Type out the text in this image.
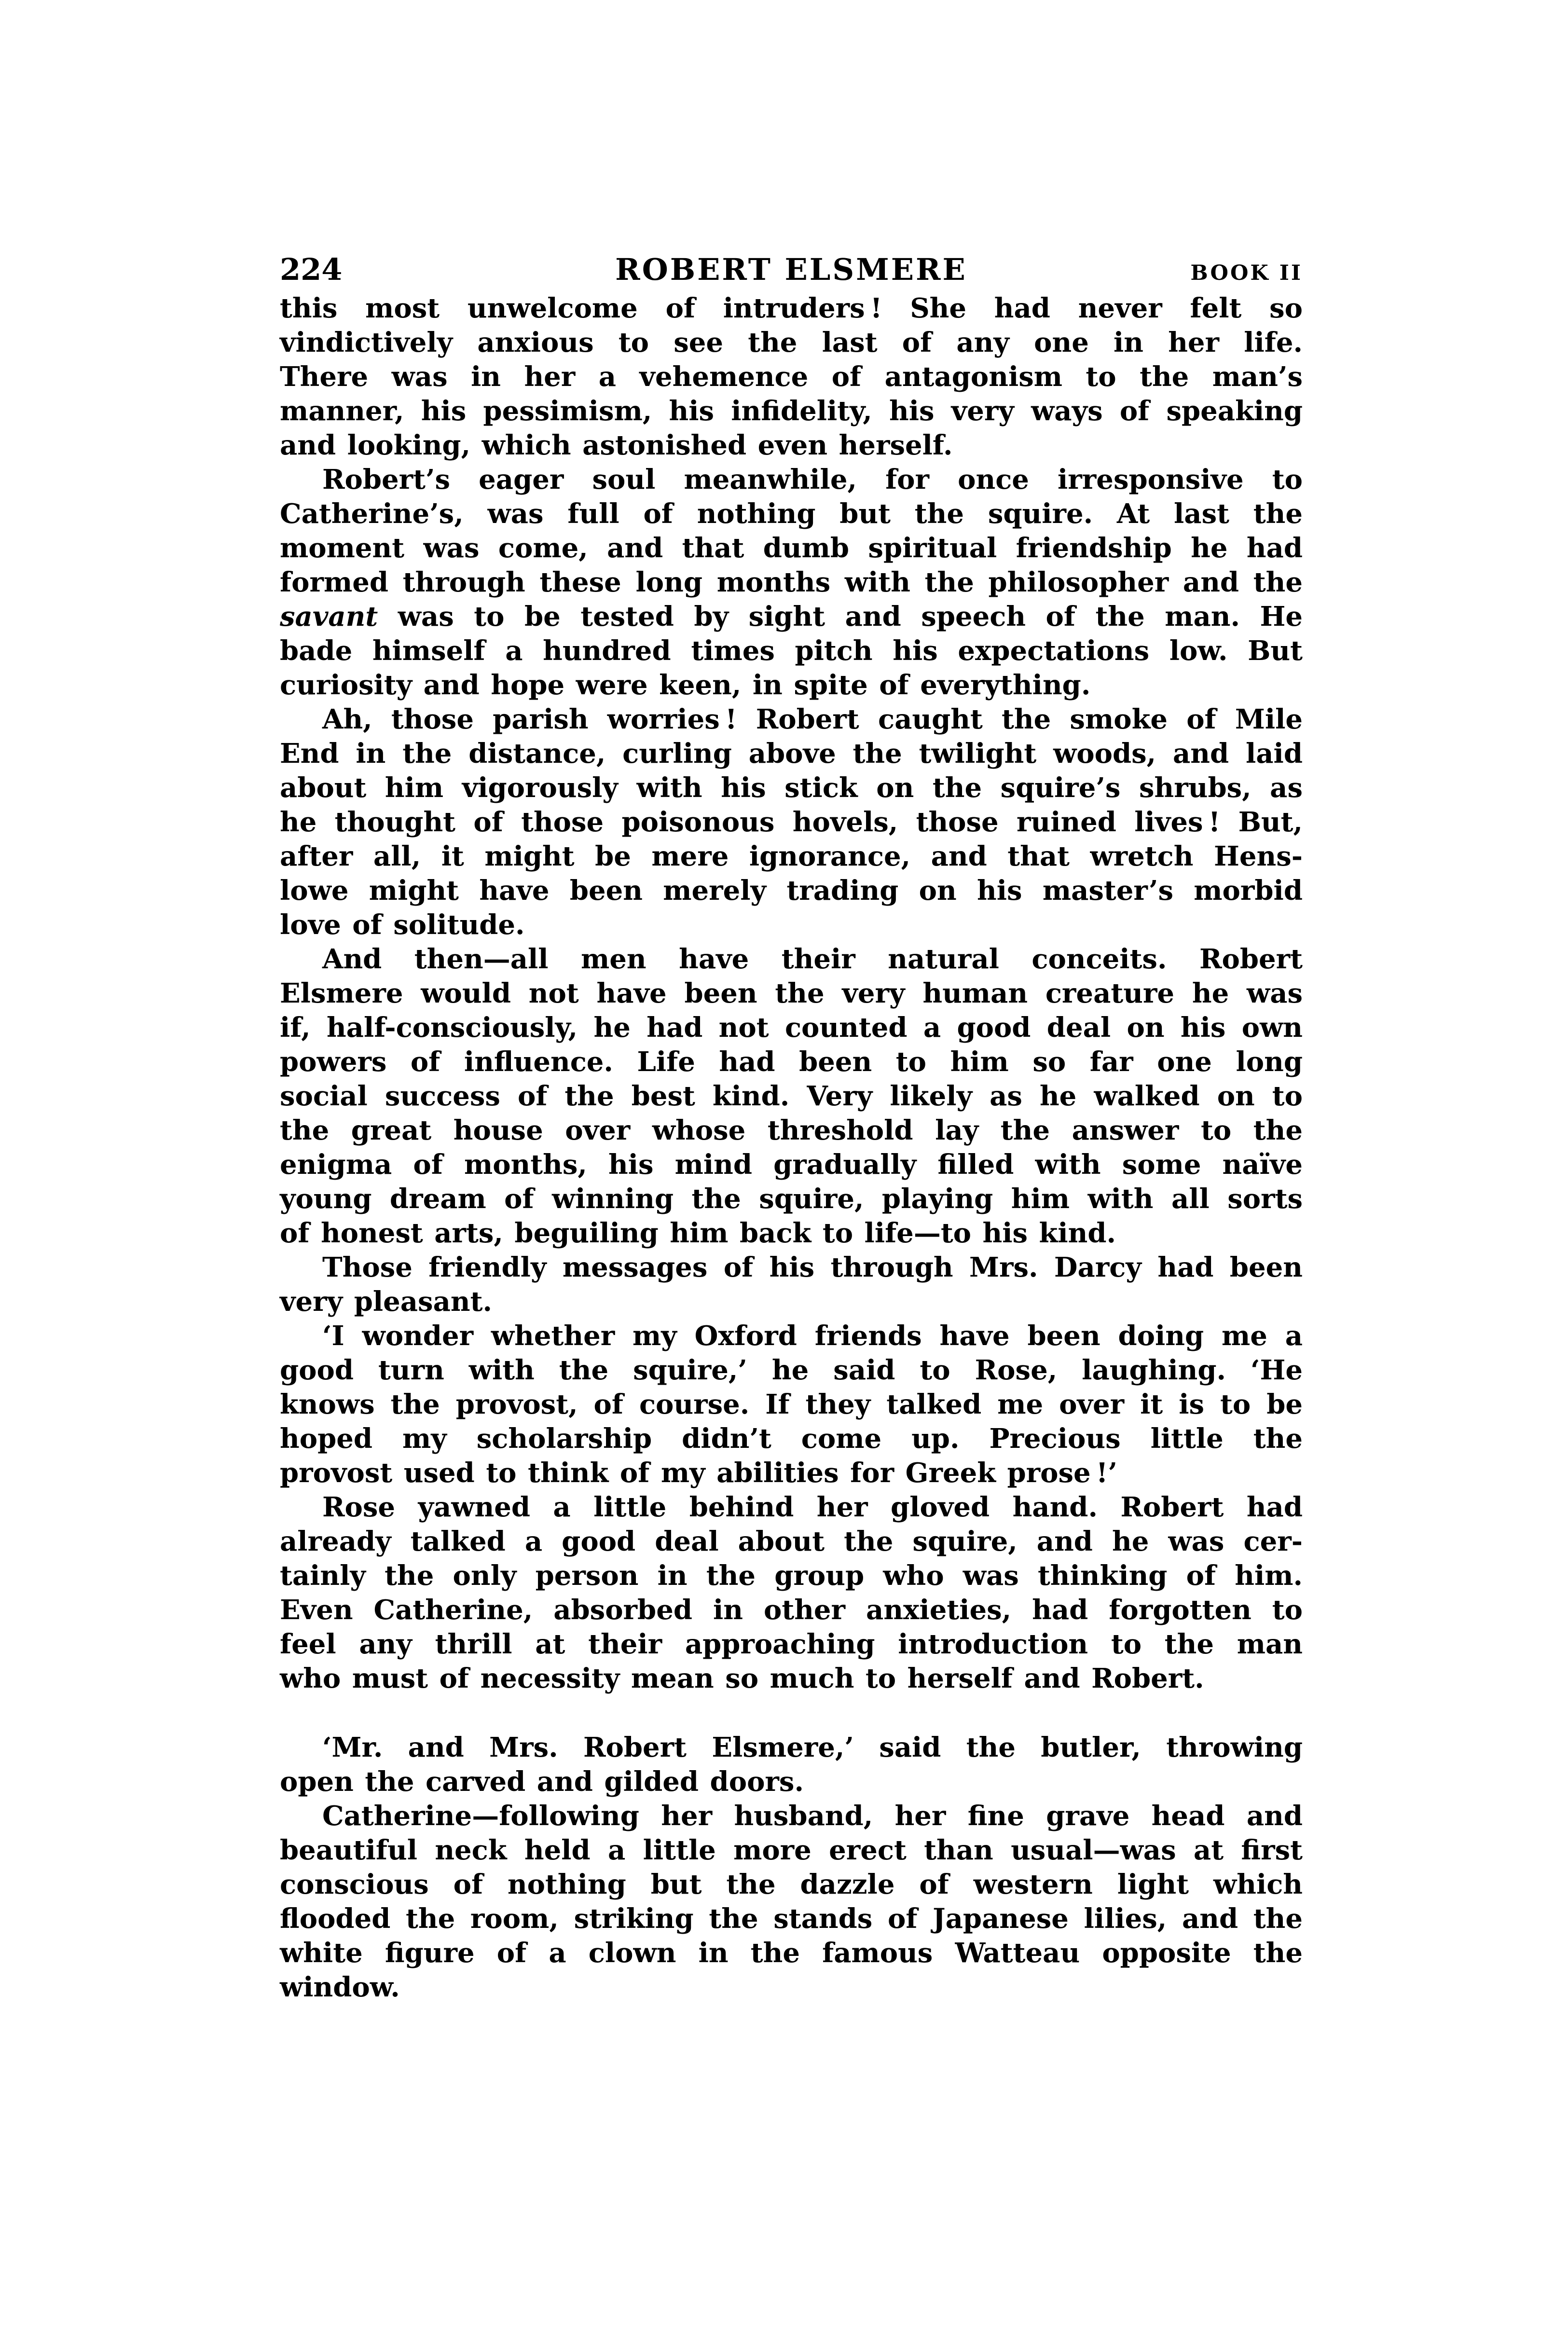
224	ROBERT ELSMERE	BOOK II

this most unwelcome of intruders ! She had never felt so
vindictively anxious to see the last of any one in her life.
There was in her a vehemence of antagonism to the man’s
manner, his pessimism, his infidelity, his very ways of speaking
and looking, which astonished even herself.

Robert’s eager soul meanwhile, for once irresponsive to
Catherine’s, was full of nothing but the squire. At last the
moment was come, and that dumb spiritual friendship he had
formed through these long months with the philosopher and the
savant was to be tested by sight and speech of the man. He
bade himself a hundred times pitch his expectations low. But
curiosity and hope were keen, in spite of everything.

Ah, those parish worries ! Robert caught the smoke of Mile
End in the distance, curling above the twilight woods, and laid
about him vigorously with his stick on the squire’s shrubs, as
he thought of those poisonous hovels, those ruined lives ! But,
after all, it might be mere ignorance, and that wretch Hens-
lowe might have been merely trading on his master’s morbid
love of solitude.

And then—all men have their natural conceits. Robert
Elsmere would not have been the very human creature he was
if, half-consciously, he had not counted a good deal on his own
powers of influence. Life had been to him so far one long
social success of the best kind. Very likely as he walked on to
the great house over whose threshold lay the answer to the
enigma of months, his mind gradually filled with some naïve
young dream of winning the squire, playing him with all sorts
of honest arts, beguiling him back to life—to his kind.

Those friendly messages of his through Mrs. Darcy had been
very pleasant.

‘I wonder whether my Oxford friends have been doing me a
good turn with the squire,’ he said to Rose, laughing. ‘He
knows the provost, of course. If they talked me over it is to be
hoped my scholarship didn’t come up. Precious little the
provost used to think of my abilities for Greek prose !’

Rose yawned a little behind her gloved hand. Robert had
already talked a good deal about the squire, and he was cer-
tainly the only person in the group who was thinking of him.
Even Catherine, absorbed in other anxieties, had forgotten to
feel any thrill at their approaching introduction to the man
who must of necessity mean so much to herself and Robert.

‘Mr. and Mrs. Robert Elsmere,’ said the butler, throwing
open the carved and gilded doors.

Catherine—following her husband, her fine grave head and
beautiful neck held a little more erect than usual—was at first
conscious of nothing but the dazzle of western light which
flooded the room, striking the stands of Japanese lilies, and the
white figure of a clown in the famous Watteau opposite the
window.
